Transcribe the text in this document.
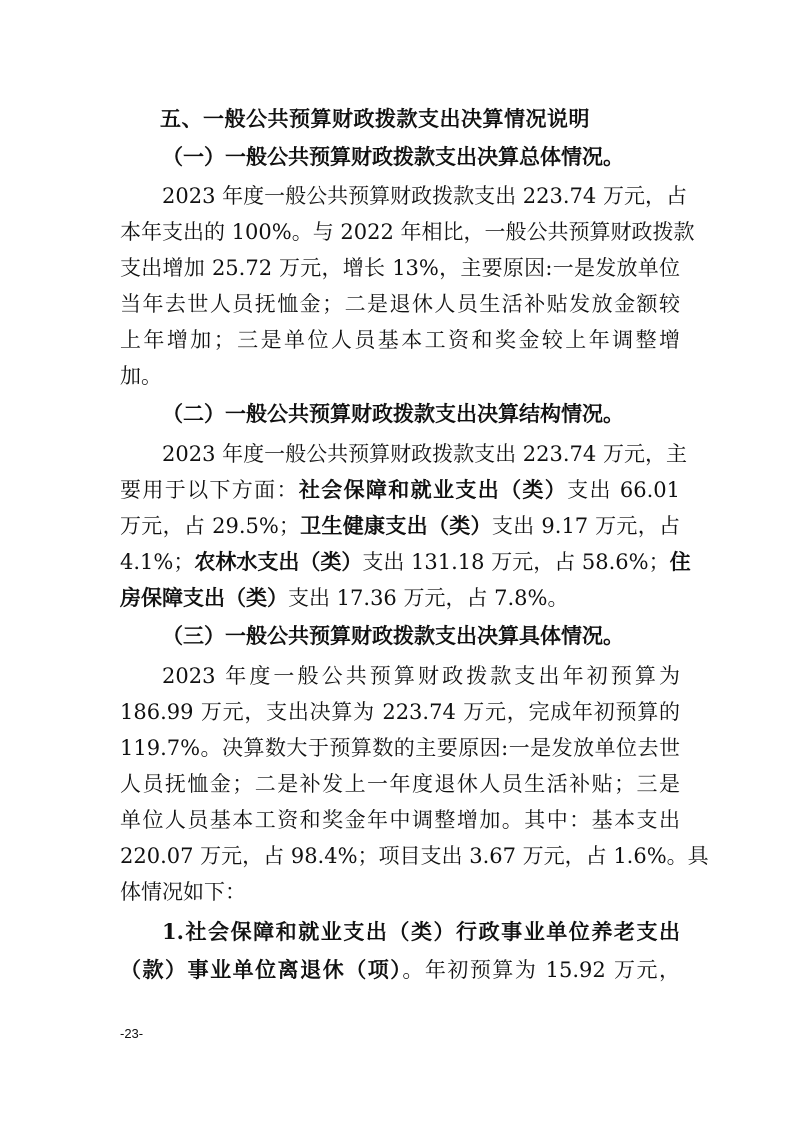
五、一般公共预算财政拨款支出决算情况说明
（一）一般公共预算财政拨款支出决算总体情况。
2023 年度一般公共预算财政拨款支出 223.74 万元，占
本年支出的 100%。与 2022 年相比，一般公共预算财政拨款
支出增加 25.72 万元，增长 13%，主要原因:一是发放单位
当年去世人员抚恤金；二是退休人员生活补贴发放金额较
上年增加；三是单位人员基本工资和奖金较上年调整增
加。
（二）一般公共预算财政拨款支出决算结构情况。
2023 年度一般公共预算财政拨款支出 223.74 万元，主
要用于以下方面：社会保障和就业支出（类）支出 66.01
万元，占 29.5%；卫生健康支出（类）支出 9.17 万元，占
4.1%；农林水支出（类）支出 131.18 万元，占 58.6%；住
房保障支出（类）支出 17.36 万元，占 7.8%。
（三）一般公共预算财政拨款支出决算具体情况。
2023 年度一般公共预算财政拨款支出年初预算为
186.99 万元，支出决算为 223.74 万元，完成年初预算的
119.7%。决算数大于预算数的主要原因:一是发放单位去世
人员抚恤金；二是补发上一年度退休人员生活补贴；三是
单位人员基本工资和奖金年中调整增加。其中：基本支出
220.07 万元，占 98.4%；项目支出 3.67 万元，占 1.6%。具
体情况如下：
1.社会保障和就业支出（类）行政事业单位养老支出
（款）事业单位离退休（项）。年初预算为 15.92 万元，
-23-
